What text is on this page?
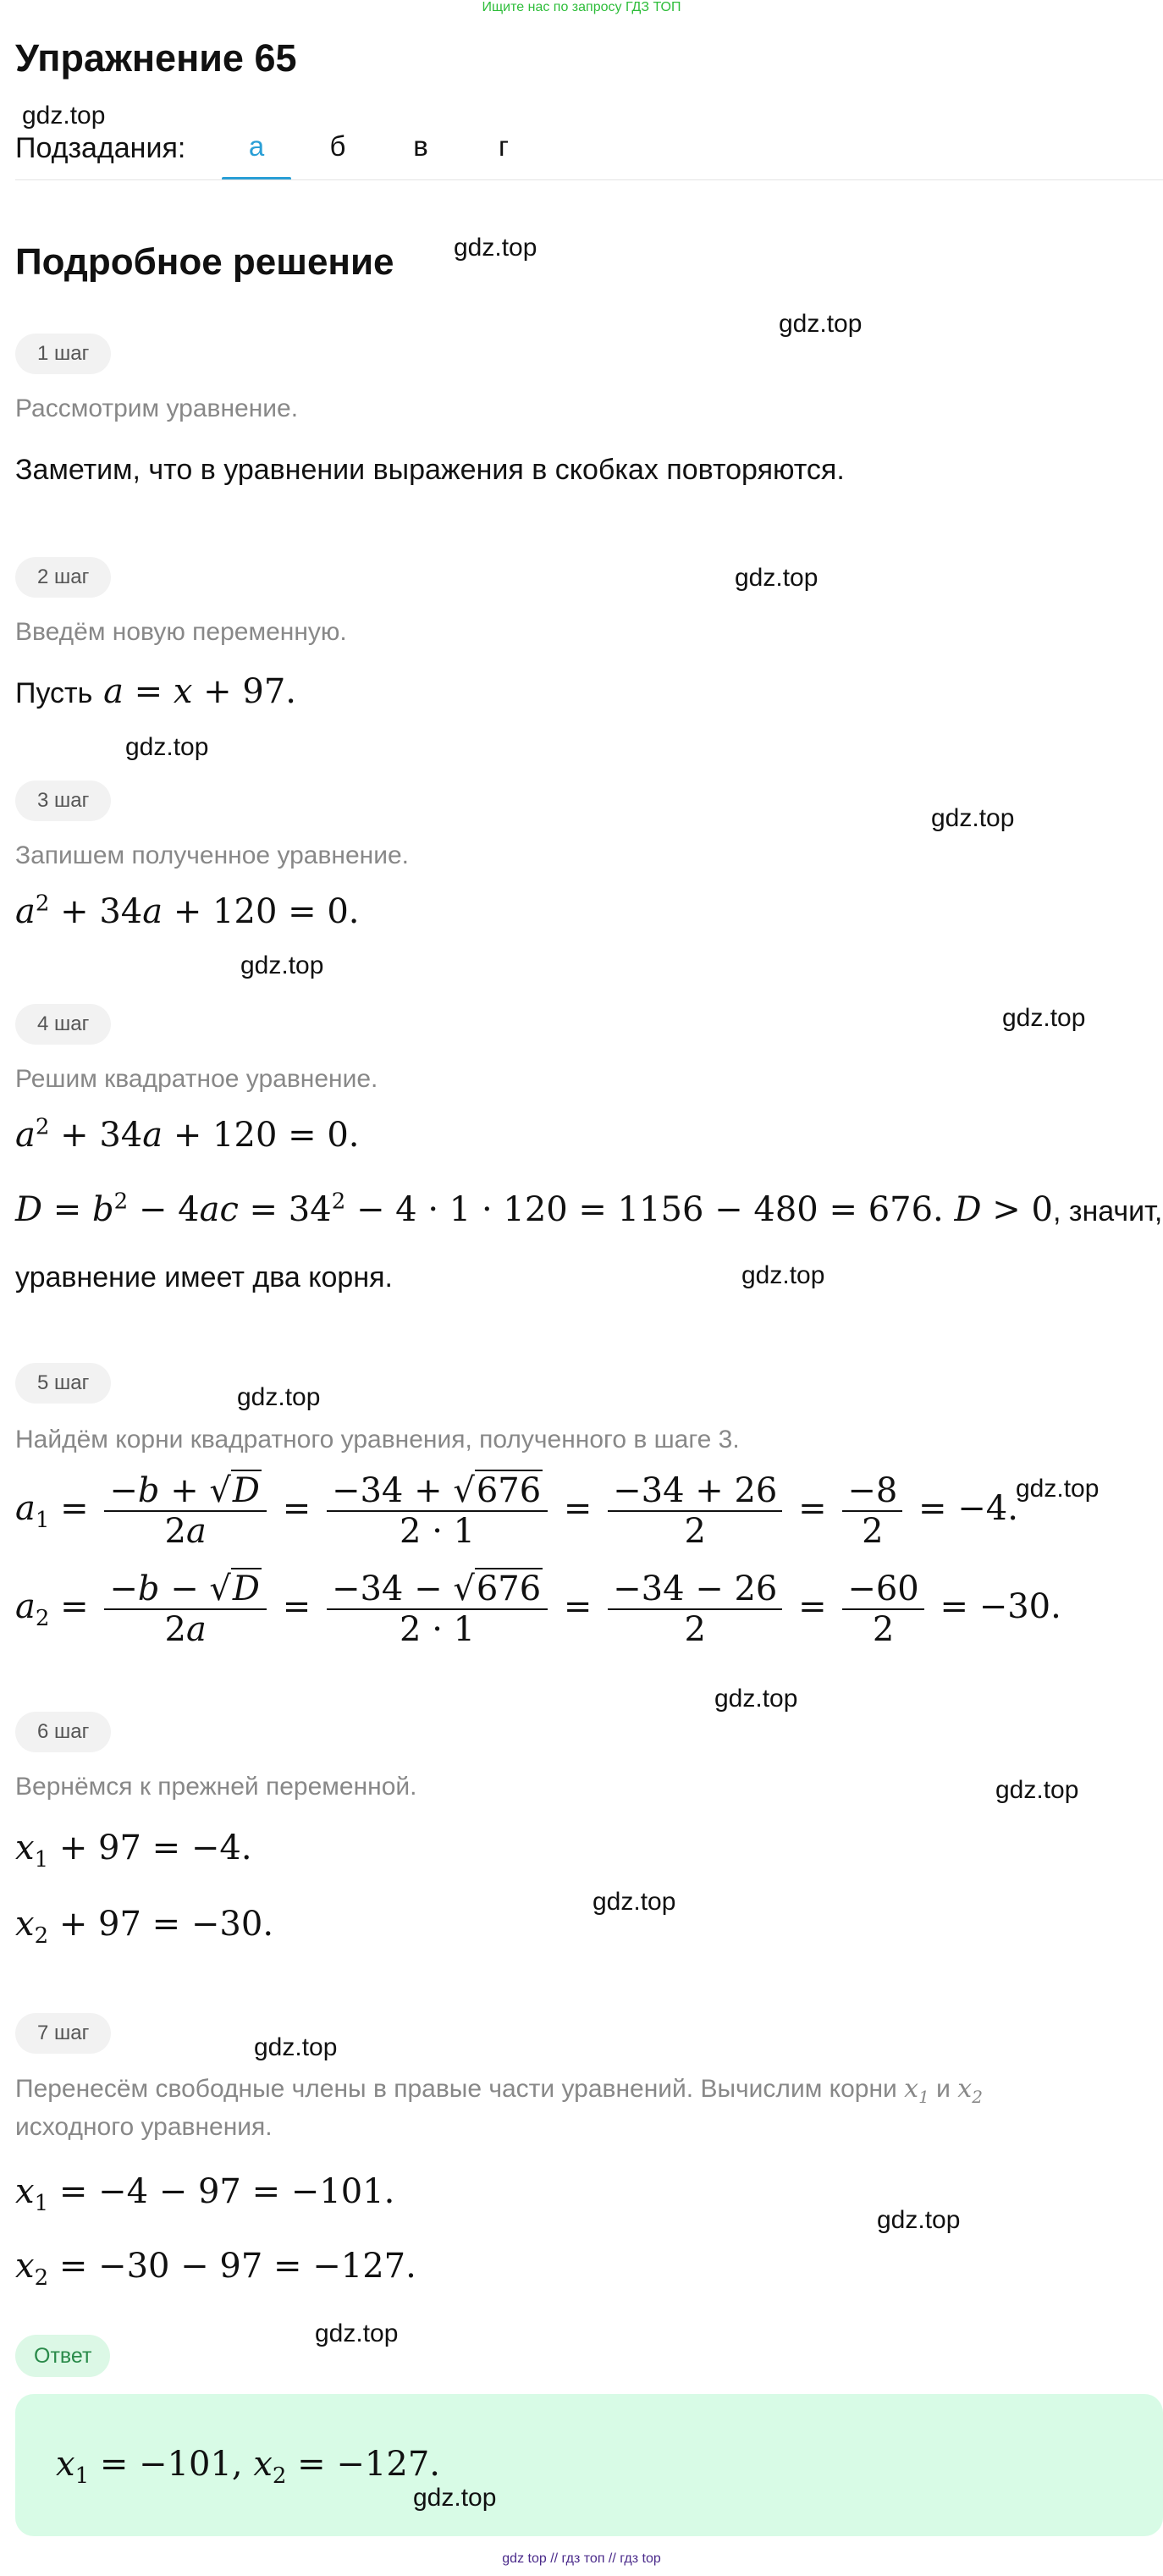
Ищите нас по запросу ГДЗ ТОП
Упражнение 65
gdz.top
Подзадания:	а	б	в	г
Подробное решение gdz.top
1 шаг
gdz.top
Рассмотрим уравнение.
Заметим, что в уравнении выражения в скобках повторяются.
2 шаг	gdz.top
Введём новую переменную.
Пусть a = x + 97.
gdz.top
3 шаг
gdz.top
Запишем полученное уравнение.
$a^2 + 34a + 120 = 0$.
gdz.top
4 шаг	gdz.top
Решим квадратное уравнение.
$a^2 + 34a + 120 = 0$.
$D = b^2 - 4ac = 34^2 - 4 \cdot 1 \cdot 120 = 1156 - 480 = 676$. D > 0, значит,
уравнение имеет два корня.	gdz.top
5 шаг
gdz.top
Найдём корни квадратного уравнения, полученного в шаге 3.
$a_1 = \frac{-b + √D}{2a} = \frac{-34 + √676}{2 \cdot 1} = \frac{-34 + 26}{2} = \frac{-8}{2} = -4$.
gdz.top
$a_2 = \frac{-b - √D}{2a} = \frac{-34 - √676}{2 \cdot 1} = \frac{-34 - 26}{2} = \frac{-60}{2} = -30$.
gdz.top
6 шаг
Вернёмся к прежней переменной.	gdz.top
$x_1 + 97 = -4$.
gdz.top
$x_2 + 97 = -30$.
7 шаг
gdz.top
Перенесём свободные члены в правые части уравнений. Вычислим корни $x_1$ и $x_2$
исходного уравнения.
$x_1 = -4 - 97 = -101$.
gdz.top
$x_2 = -30 - 97 = -127$.
gdz.top
Ответ
$x_1 = -101$, $x_2 = -127$.
gdz.top
gdz top // гдз топ // гдз top
